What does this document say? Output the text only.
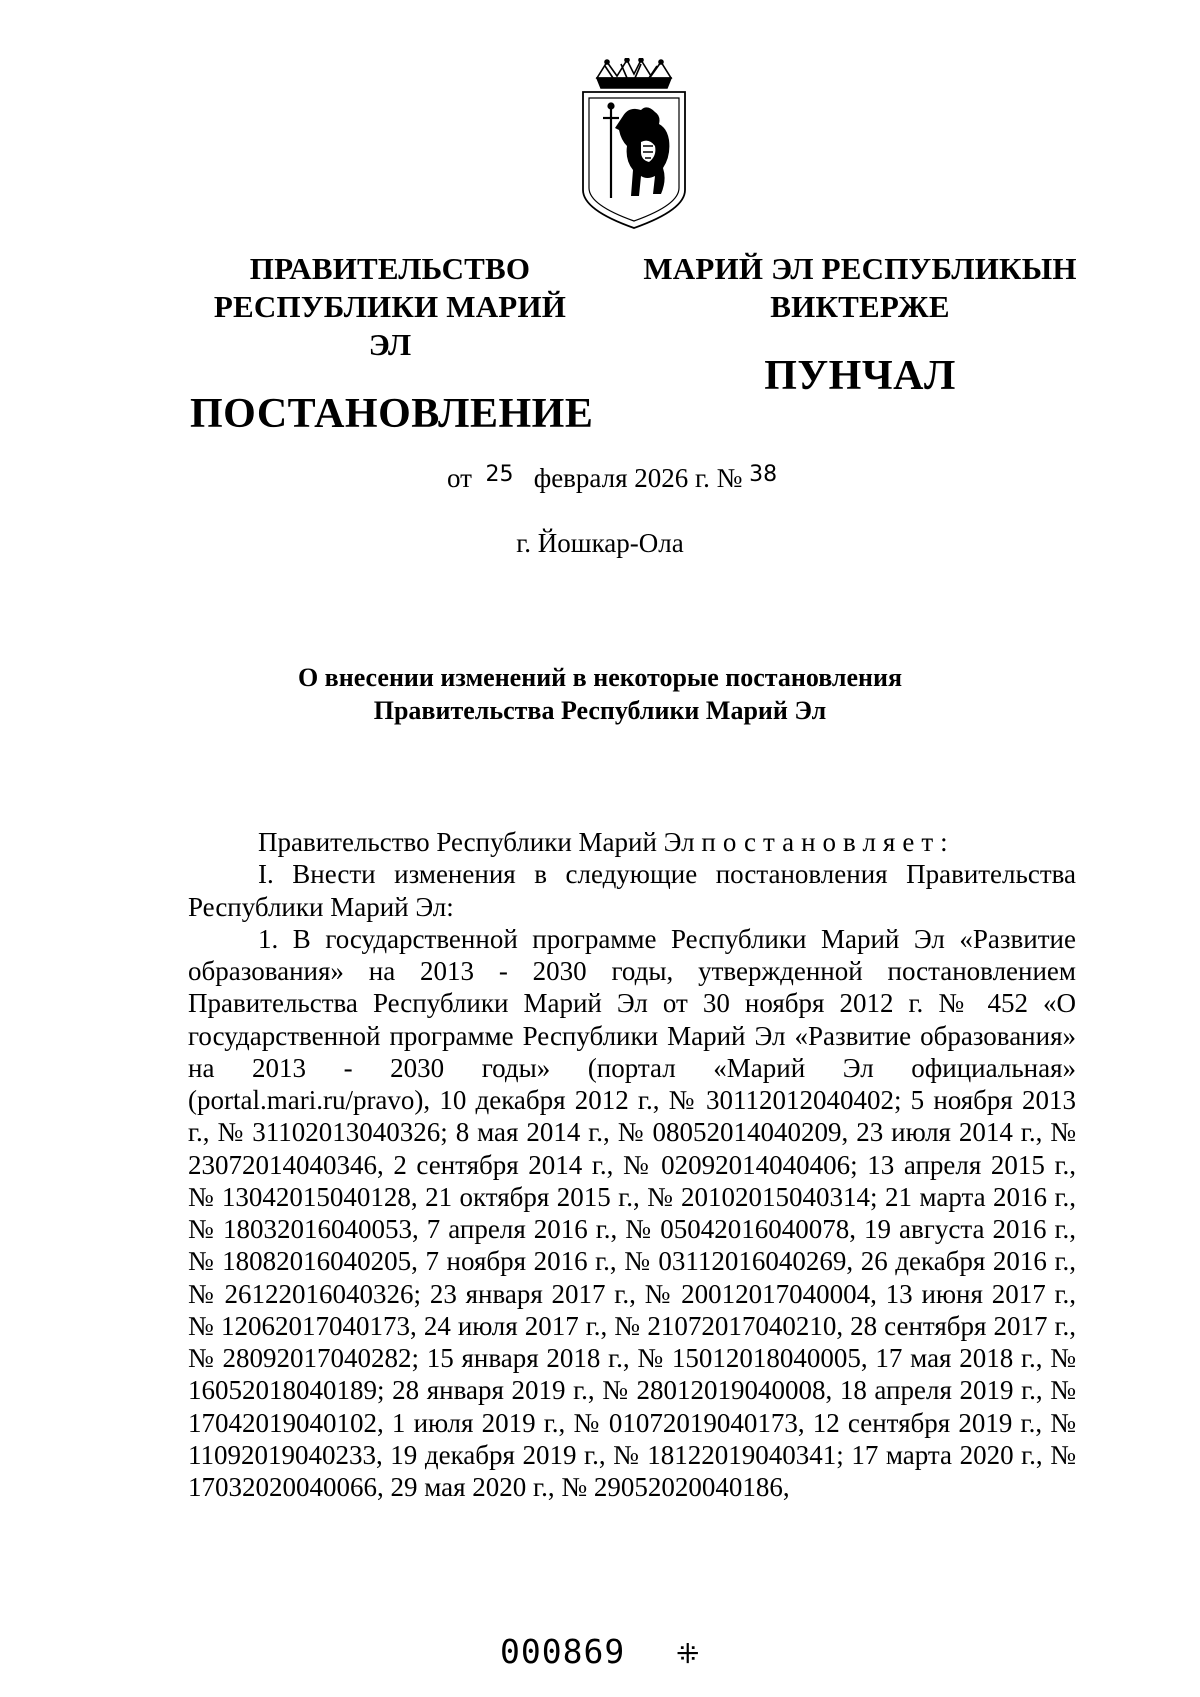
ПРАВИТЕЛЬСТВО
РЕСПУБЛИКИ МАРИЙ ЭЛ
ПОСТАНОВЛЕНИЕ
МАРИЙ ЭЛ РЕСПУБЛИКЫН
ВИКТЕРЖЕ
ПУНЧАЛ
от $^{25}$ февраля 2026 г. № $^{38}$
г. Йошкар-Ола
О внесении изменений в некоторые постановления
Правительства Республики Марий Эл

Правительство Республики Марий Эл постановляет:

I. Внести изменения в следующие постановления Правительства Республики Марий Эл:

1. В государственной программе Республики Марий Эл «Развитие образования» на 2013 - 2030 годы, утвержденной постановлением Правительства Республики Марий Эл от 30 ноября 2012 г. № 452 «О государственной программе Республики Марий Эл «Развитие образования» на 2013 - 2030 годы» (портал «Марий Эл официальная» (portal.mari.ru/pravo), 10 декабря 2012 г., № 30112012040402; 5 ноября 2013 г., № 31102013040326; 8 мая 2014 г., № 08052014040209, 23 июля 2014 г., № 23072014040346, 2 сентября 2014 г., № 02092014040406; 13 апреля 2015 г., № 13042015040128, 21 октября 2015 г., № 20102015040314; 21 марта 2016 г., № 18032016040053, 7 апреля 2016 г., № 05042016040078, 19 августа 2016 г., № 18082016040205, 7 ноября 2016 г., № 03112016040269, 26 декабря 2016 г., № 26122016040326; 23 января 2017 г., № 20012017040004, 13 июня 2017 г., № 12062017040173, 24 июля 2017 г., № 21072017040210, 28 сентября 2017 г., № 28092017040282; 15 января 2018 г., № 15012018040005, 17 мая 2018 г., № 16052018040189; 28 января 2019 г., № 28012019040008, 18 апреля 2019 г., № 17042019040102, 1 июля 2019 г., № 01072019040173, 12 сентября 2019 г., № 11092019040233, 19 декабря 2019 г., № 18122019040341; 17 марта 2020 г., № 17032020040066, 29 мая 2020 г., № 29052020040186,

000869 ⁜
